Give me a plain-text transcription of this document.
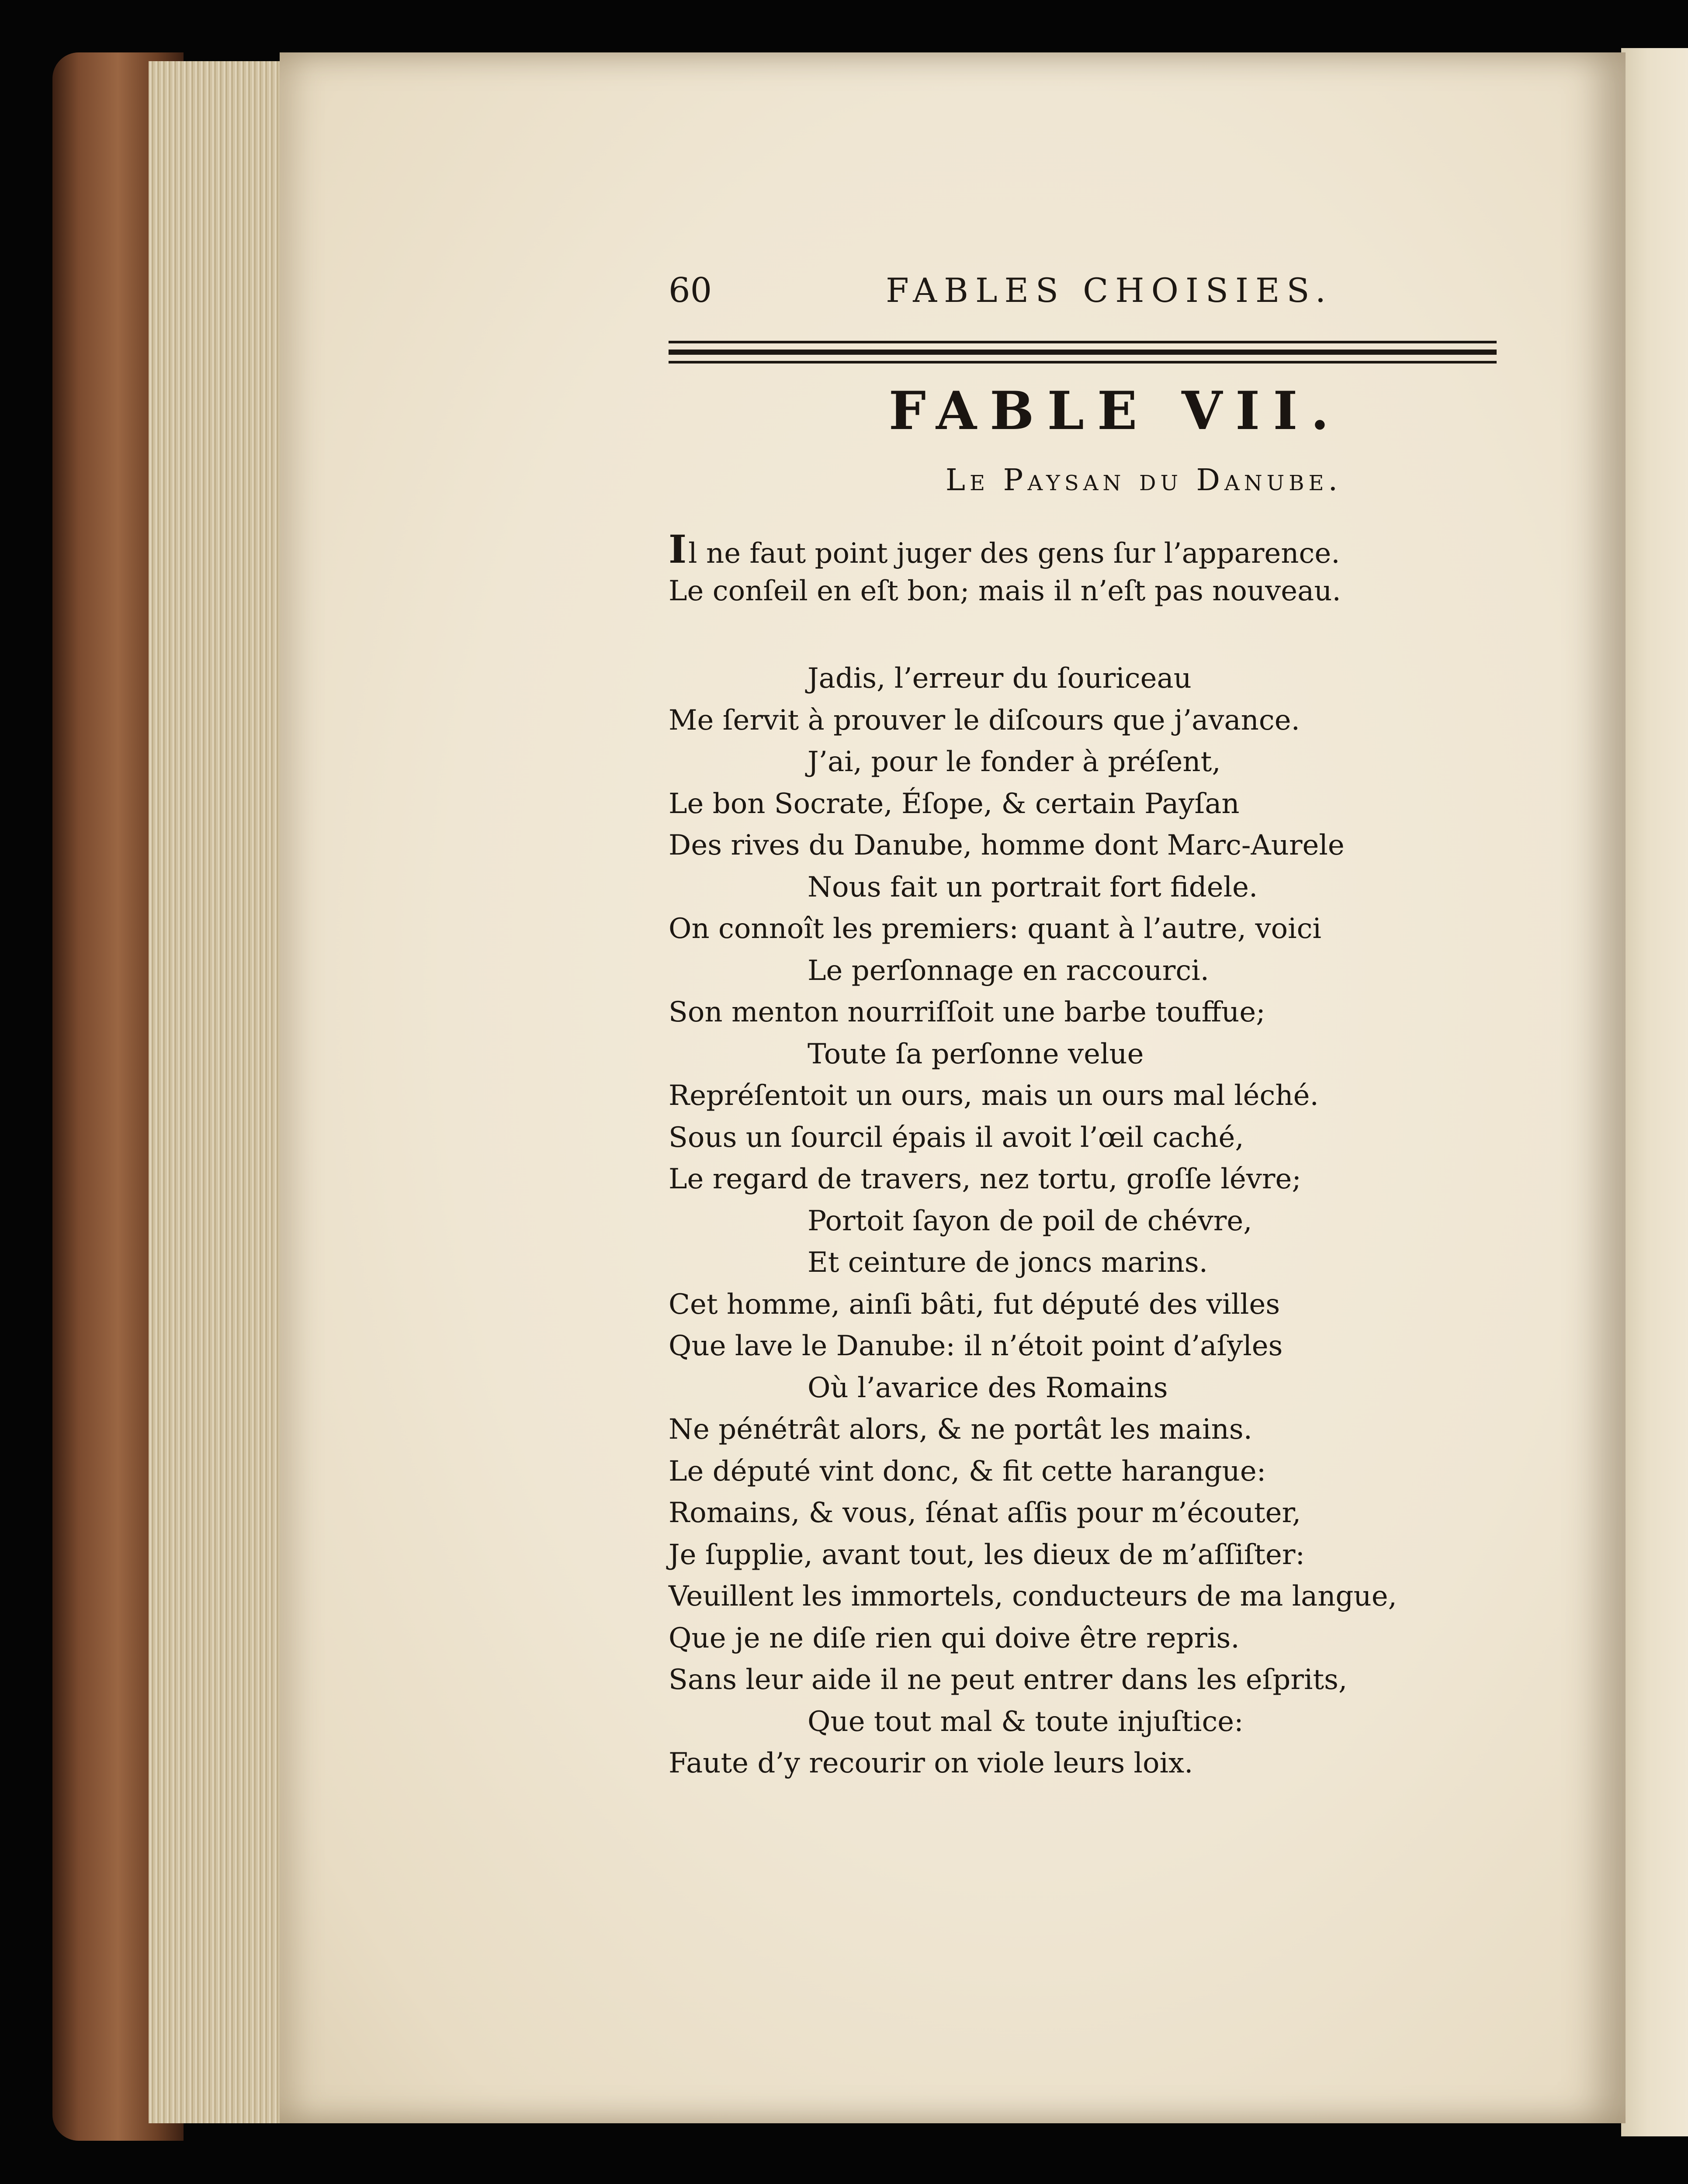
60	FABLES CHOISIES.
FABLE VII.
Le Paysan du Danube.
Il ne faut point juger des gens ſur l’apparence.
Le conſeil en eſt bon; mais il n’eſt pas nouveau.
Jadis, l’erreur du ſouriceau
Me ſervit à prouver le diſcours que j’avance.
J’ai, pour le fonder à préſent,
Le bon Socrate, Éſope, & certain Payſan
Des rives du Danube, homme dont Marc-Aurele
Nous fait un portrait fort fidele.
On connoît les premiers: quant à l’autre, voici
Le perſonnage en raccourci.
Son menton nourriſſoit une barbe touffue;
Toute ſa perſonne velue
Repréſentoit un ours, mais un ours mal léché.
Sous un ſourcil épais il avoit l’œil caché,
Le regard de travers, nez tortu, groſſe lévre;
Portoit ſayon de poil de chévre,
Et ceinture de joncs marins.
Cet homme, ainſi bâti, fut député des villes
Que lave le Danube: il n’étoit point d’aſyles
Où l’avarice des Romains
Ne pénétrât alors, & ne portât les mains.
Le député vint donc, & fit cette harangue:
Romains, & vous, ſénat aſſis pour m’écouter,
Je ſupplie, avant tout, les dieux de m’aſſiſter:
Veuillent les immortels, conducteurs de ma langue,
Que je ne diſe rien qui doive être repris.
Sans leur aide il ne peut entrer dans les eſprits,
Que tout mal & toute injuſtice:
Faute d’y recourir on viole leurs loix.
